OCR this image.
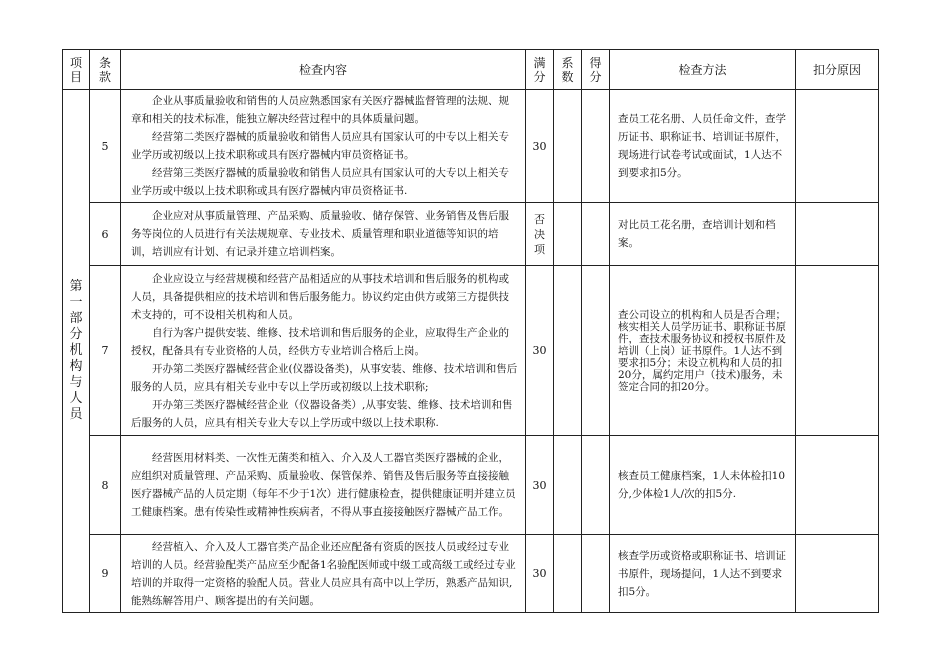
项目	条款	检查内容	满分	系数	得分	检查方法	扣分原因
第一部分机构与人员	5	企业从事质量验收和销售的人员应熟悉国家有关医疗器械监督管理的法规、规章和相关的技术标准，能独立解决经营过程中的具体质量问题。

经营第二类医疗器械的质量验收和销售人员应具有国家认可的中专以上相关专业学历或初级以上技术职称或具有医疗器械内审员资格证书。

经营第三类医疗器械的质量验收和销售人员应具有国家认可的大专以上相关专业学历或中级以上技术职称或具有医疗器械内审员资格证书.	30			查员工花名册、人员任命文件，查学历证书、职称证书、培训证书原件，现场进行试卷考试或面试，1人达不到要求扣5分。	
	6	企业应对从事质量管理、产品采购、质量验收、储存保管、业务销售及售后服务等岗位的人员进行有关法规规章、专业技术、质量管理和职业道德等知识的培训，培训应有计划、有记录并建立培训档案。	否决项			对比员工花名册，查培训计划和档案。	
	7	企业应设立与经营规模和经营产品相适应的从事技术培训和售后服务的机构或人员，具备提供相应的技术培训和售后服务能力。协议约定由供方或第三方提供技术支持的，可不设相关机构和人员。

自行为客户提供安装、维修、技术培训和售后服务的企业，应取得生产企业的授权，配备具有专业资格的人员，经供方专业培训合格后上岗。

开办第二类医疗器械经营企业(仪器设备类)，从事安装、维修、技术培训和售后服务的人员，应具有相关专业中专以上学历或初级以上技术职称;

开办第三类医疗器械经营企业（仪器设备类）,从事安装、维修、技术培训和售后服务的人员，应具有相关专业大专以上学历或中级以上技术职称.	30			查公司设立的机构和人员是否合理；核实相关人员学历证书、职称证书原件，查技术服务协议和授权书原件及培训（上岗）证书原件。1人达不到要求扣5分；未设立机构和人员的扣20分，属约定用户（技术)服务，未签定合同的扣20分。	
	8	经营医用材料类、一次性无菌类和植入、介入及人工器官类医疗器械的企业，应组织对质量管理、产品采购、质量验收、保管保养、销售及售后服务等直接接触医疗器械产品的人员定期（每年不少于1次）进行健康检查，提供健康证明并建立员工健康档案。患有传染性或精神性疾病者，不得从事直接接触医疗器械产品工作。	30			核查员工健康档案，1人未体检扣10分,少体检1人/次的扣5分.	
	9	经营植入、介入及人工器官类产品企业还应配备有资质的医技人员或经过专业培训的人员。经营验配类产品应至少配备1名验配医师或中级工或高级工或经过专业培训的并取得一定资格的验配人员。营业人员应具有高中以上学历，熟悉产品知识,能熟练解答用户、顾客提出的有关问题。	30			核查学历或资格或职称证书、培训证书原件，现场提问，1人达不到要求扣5分。	
